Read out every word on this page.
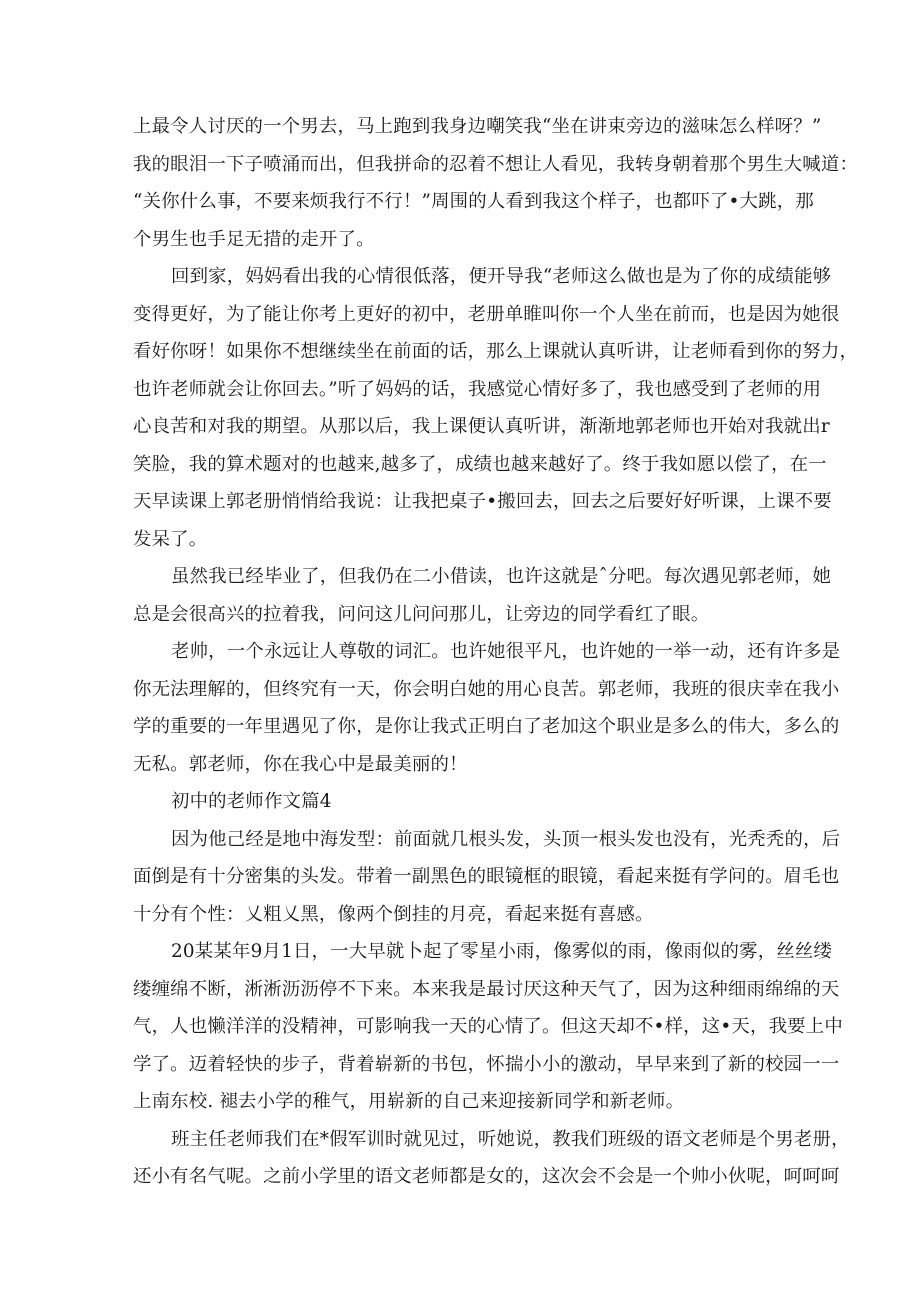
上最令人讨厌的一个男去，马上跑到我身边嘲笑我“坐在讲束旁边的滋味怎么样呀？”
我的眼泪一下子喷涌而出，但我拼命的忍着不想让人看见，我转身朝着那个男生大喊道：
“关你什么事，不要来烦我行不行！”周围的人看到我这个样子，也都吓了•大跳，那
个男生也手足无措的走开了。
回到家，妈妈看出我的心情很低落，便开导我“老师这么做也是为了你的成绩能够
变得更好，为了能让你考上更好的初中，老册单睢叫你一个人坐在前而，也是因为她很
看好你呀！如果你不想继续坐在前面的话，那么上课就认真听讲，让老师看到你的努力，
也许老师就会让你回去。”听了妈妈的话，我感觉心情好多了，我也感受到了老师的用
心良苦和对我的期望。从那以后，我上课便认真听讲，渐渐地郭老师也开始对我就出r
笑脸，我的算术题对的也越来,越多了，成绩也越来越好了。终于我如愿以偿了，在一
天早读课上郭老册悄悄给我说：让我把桌子•搬回去，回去之后要好好听课，上课不要
发呆了。
虽然我已经毕业了，但我仍在二小借读，也许这就是ˆ分吧。每次遇见郭老师，她
总是会很高兴的拉着我，问问这儿问问那儿，让旁边的同学看红了眼。
老帅，一个永远让人尊敬的词汇。也许她很平凡，也许她的一举一动，还有许多是
你无法理解的，但终究有一天，你会明白她的用心良苦。郭老师，我班的很庆幸在我小
学的重要的一年里遇见了你，是你让我式正明白了老加这个职业是多么的伟大，多么的
无私。郭老师，你在我心中是最美丽的！
初中的老师作文篇4
因为他己经是地中海发型：前面就几根头发，头顶一根头发也没有，光秃秃的，后
面倒是有十分密集的头发。带着一副黑色的眼镜框的眼镜，看起来挺有学问的。眉毛也
十分有个性：乂粗乂黑，像两个倒挂的月亮，看起来挺有喜感。
20某某年9月1日，一大早就卜起了零星小雨，像雾似的雨，像雨似的雾，丝丝缕
缕缠绵不断，淅淅沥沥停不下来。本来我是最讨厌这种天气了，因为这种细雨绵绵的天
气，人也懒洋洋的没精神，可影响我一天的心情了。但这天却不•样，这•天，我要上中
学了。迈着轻快的步子，背着崭新的书包，怀揣小小的激动，早早来到了新的校园一一
上南东校. 褪去小学的稚气，用崭新的自己来迎接新同学和新老师。
班主任老师我们在*假军训时就见过，听她说，教我们班级的语文老师是个男老册，
还小有名气呢。之前小学里的语文老师都是女的，这次会不会是一个帅小伙呢，呵呵呵
